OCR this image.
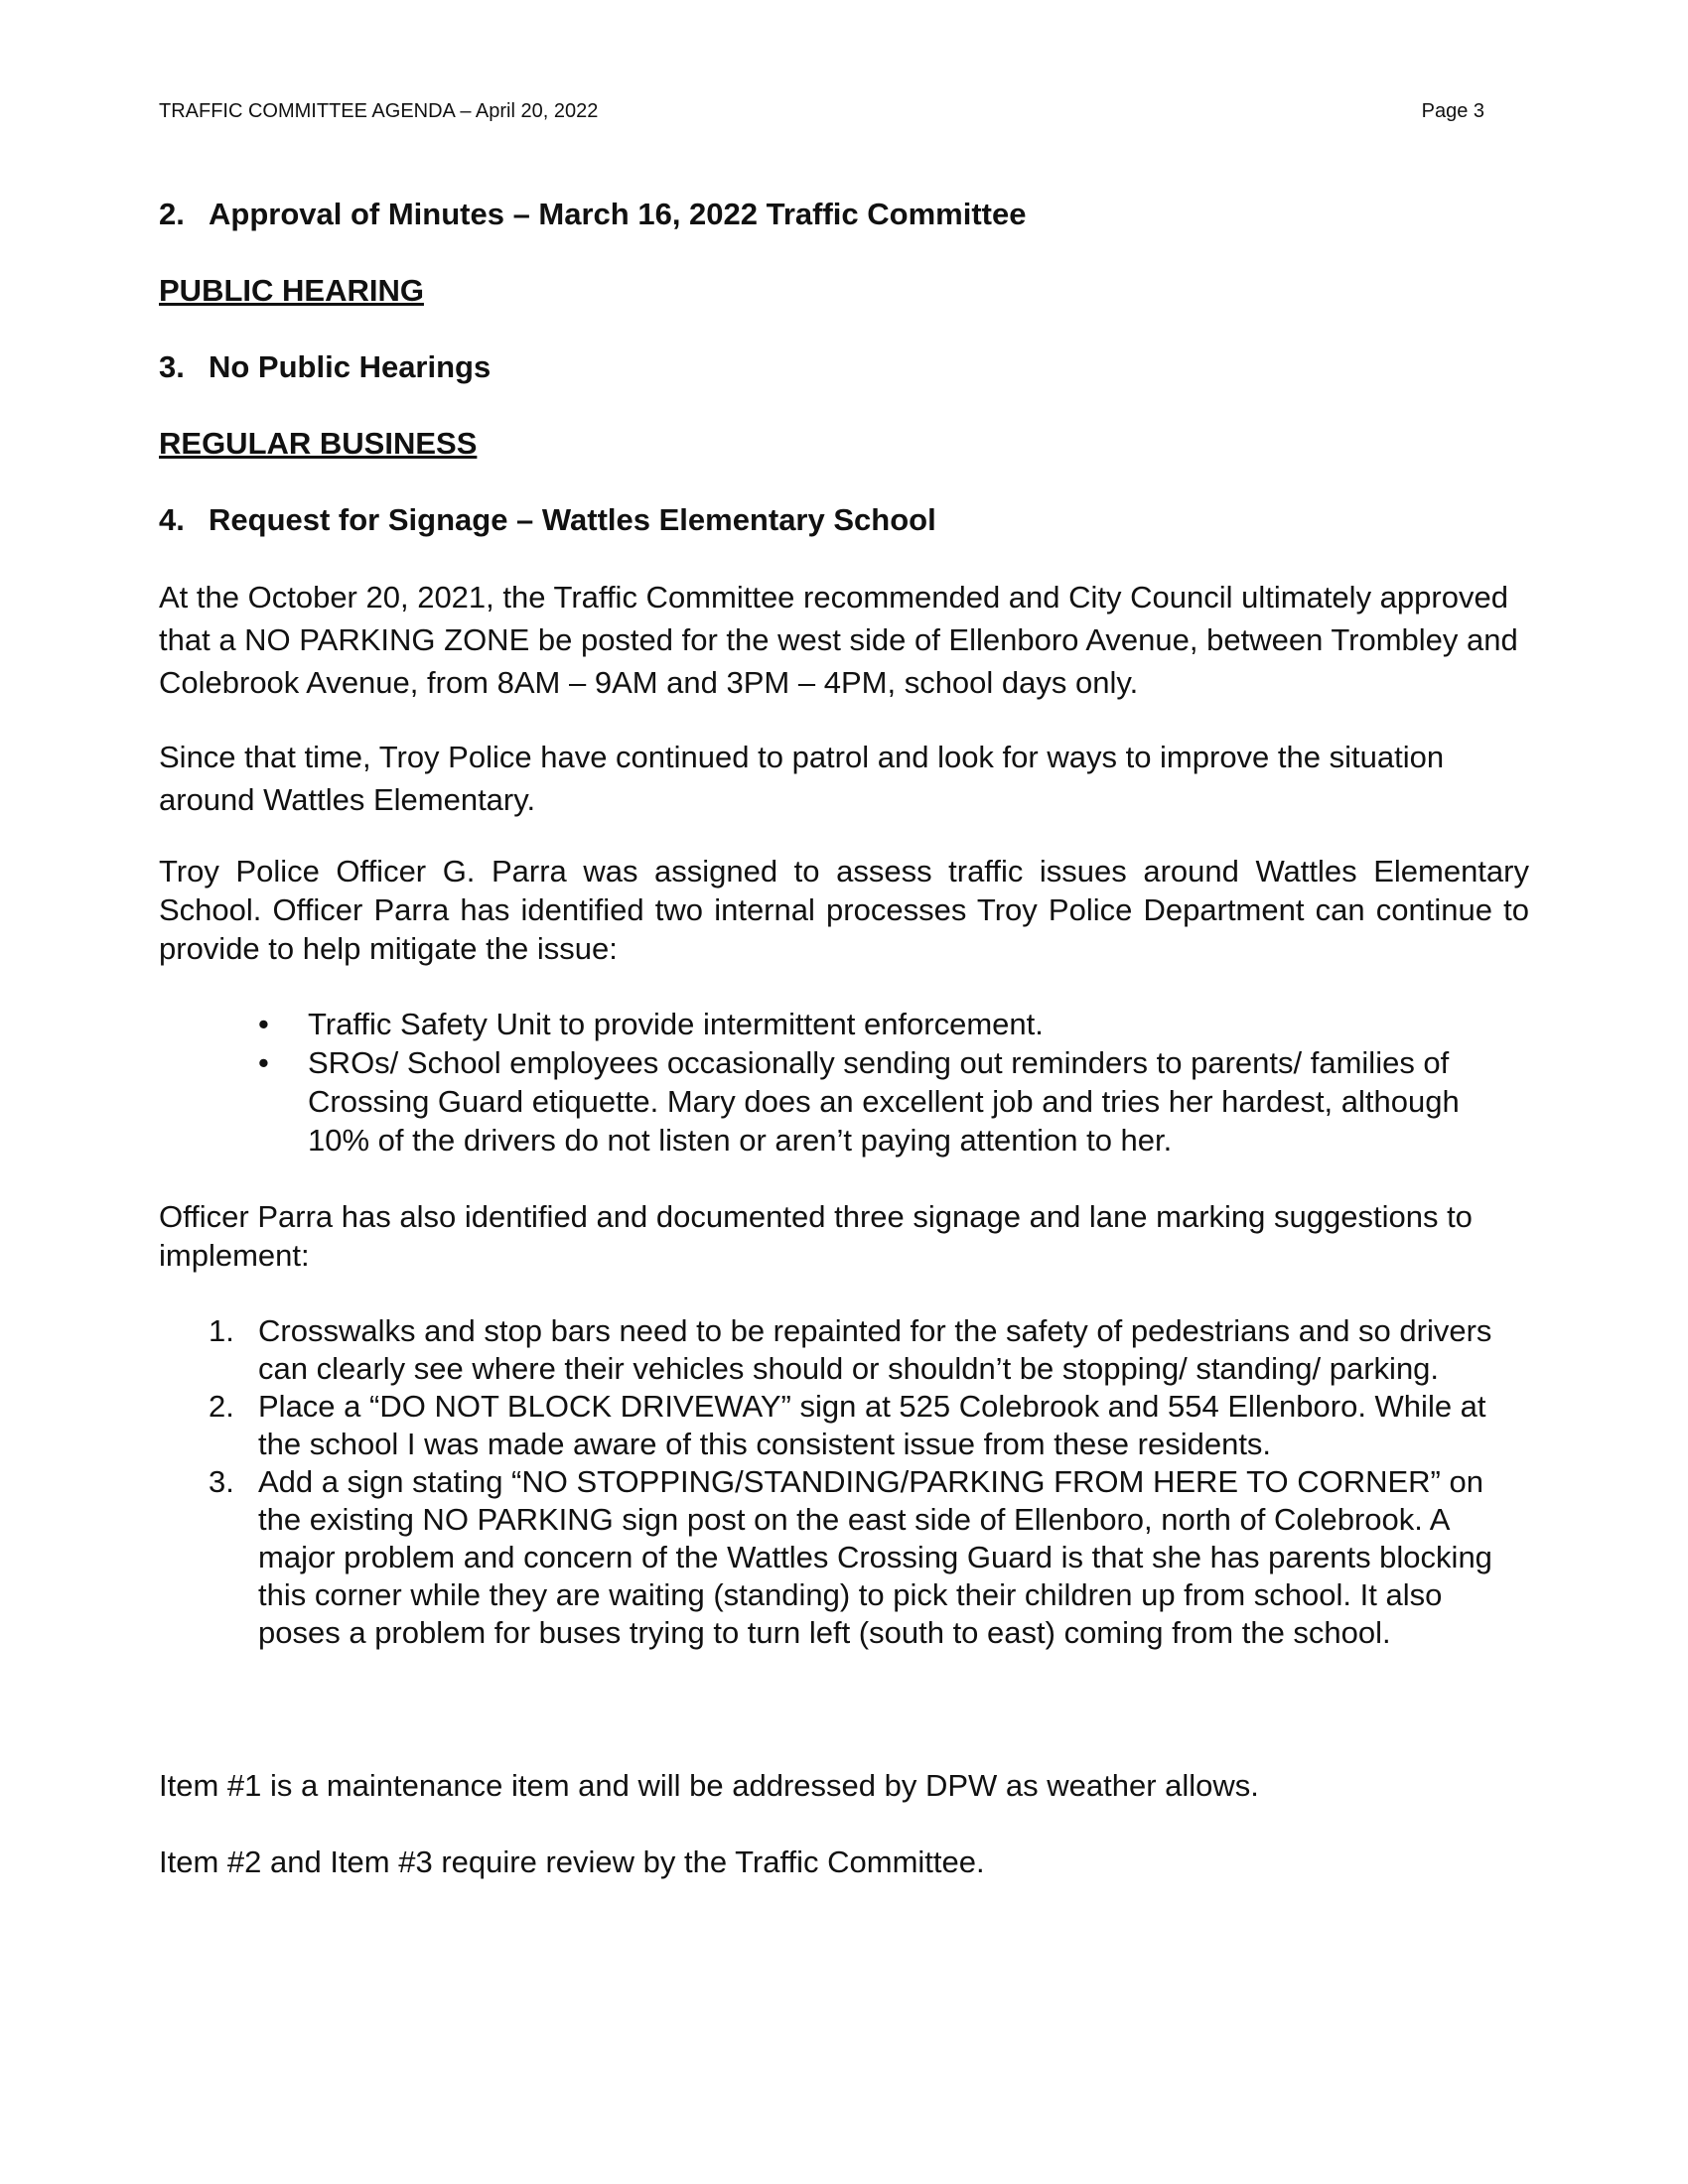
TRAFFIC COMMITTEE AGENDA – April 20, 2022	Page 3
2. Approval of Minutes – March 16, 2022 Traffic Committee
PUBLIC HEARING
3. No Public Hearings
REGULAR BUSINESS
4. Request for Signage – Wattles Elementary School
At the October 20, 2021, the Traffic Committee recommended and City Council ultimately approved that a NO PARKING ZONE be posted for the west side of Ellenboro Avenue, between Trombley and Colebrook Avenue, from 8AM – 9AM and 3PM – 4PM, school days only.
Since that time, Troy Police have continued to patrol and look for ways to improve the situation around Wattles Elementary.
Troy Police Officer G. Parra was assigned to assess traffic issues around Wattles Elementary School. Officer Parra has identified two internal processes Troy Police Department can continue to provide to help mitigate the issue:
• Traffic Safety Unit to provide intermittent enforcement.
• SROs/ School employees occasionally sending out reminders to parents/ families of Crossing Guard etiquette. Mary does an excellent job and tries her hardest, although 10% of the drivers do not listen or aren’t paying attention to her.
Officer Parra has also identified and documented three signage and lane marking suggestions to implement:
1. Crosswalks and stop bars need to be repainted for the safety of pedestrians and so drivers can clearly see where their vehicles should or shouldn’t be stopping/ standing/ parking.
2. Place a “DO NOT BLOCK DRIVEWAY” sign at 525 Colebrook and 554 Ellenboro. While at the school I was made aware of this consistent issue from these residents.
3. Add a sign stating “NO STOPPING/STANDING/PARKING FROM HERE TO CORNER” on the existing NO PARKING sign post on the east side of Ellenboro, north of Colebrook. A major problem and concern of the Wattles Crossing Guard is that she has parents blocking this corner while they are waiting (standing) to pick their children up from school. It also poses a problem for buses trying to turn left (south to east) coming from the school.
Item #1 is a maintenance item and will be addressed by DPW as weather allows.
Item #2 and Item #3 require review by the Traffic Committee.
